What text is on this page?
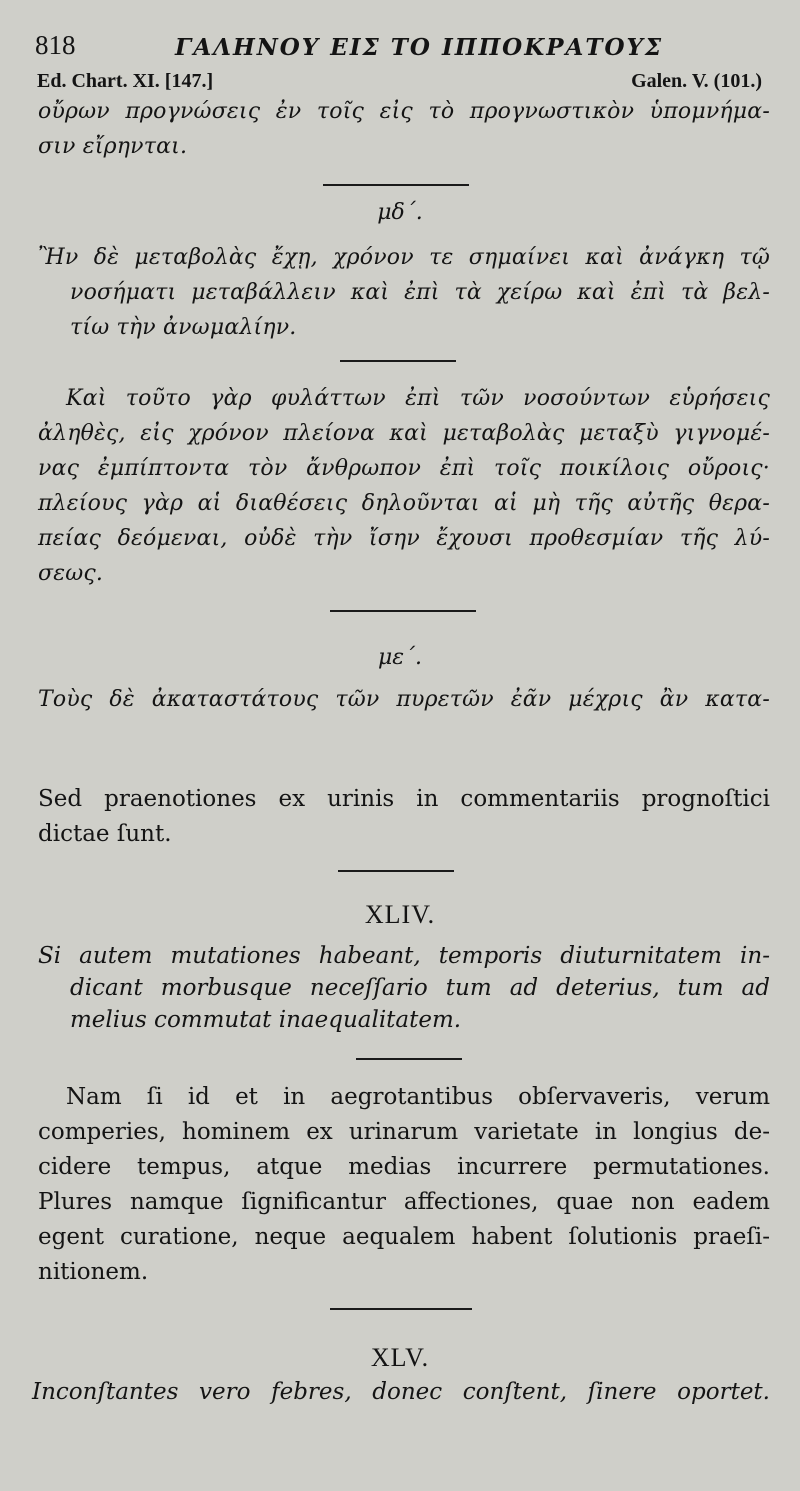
818	ΓΑΛΗΝΟΥ ΕΙΣ ΤΟ ΙΠΠΟΚΡΑΤΟΥΣ
Ed. Chart. XI. [147.]	Galen. V. (101.)
οὔρων προγνώσεις ἐν τοῖς εἰς τὸ προγνωστικὸν ὑπομνήμα-
σιν εἴρηνται.
μδ΄.
Ἢν δὲ μεταβολὰς ἔχῃ, χρόνον τε σημαίνει καὶ ἀνάγκη τῷ
νοσήματι μεταβάλλειν καὶ ἐπὶ τὰ χείρω καὶ ἐπὶ τὰ βελ-
τίω τὴν ἀνωμαλίην.
Καὶ τοῦτο γὰρ φυλάττων ἐπὶ τῶν νοσούντων εὑρήσεις
ἀληθὲς, εἰς χρόνον πλείονα καὶ μεταβολὰς μεταξὺ γιγνομέ-
νας ἐμπίπτοντα τὸν ἄνθρωπον ἐπὶ τοῖς ποικίλοις οὔροις·
πλείους γὰρ αἱ διαθέσεις δηλοῦνται αἱ μὴ τῆς αὐτῆς θερα-
πείας δεόμεναι, οὐδὲ τὴν ἴσην ἔχουσι προθεσμίαν τῆς λύ-
σεως.
με΄.
Τοὺς δὲ ἀκαταστάτους τῶν πυρετῶν ἐᾶν μέχρις ἂν κατα-
Sed praenotiones ex urinis in commentariis prognoſtici
dictae ſunt.
XLIV.
Si autem mutationes habeant, temporis diuturnitatem in-
dicant morbusque neceſſario tum ad deterius, tum ad
melius commutat inaequalitatem.
Nam ſi id et in aegrotantibus obſervaveris, verum
comperies, hominem ex urinarum varietate in longius de-
cidere tempus, atque medias incurrere permutationes.
Plures namque ſignificantur affectiones, quae non eadem
egent curatione, neque aequalem habent ſolutionis praeſi-
nitionem.
XLV.
Inconſtantes vero febres, donec conſtent, ſinere oportet.
